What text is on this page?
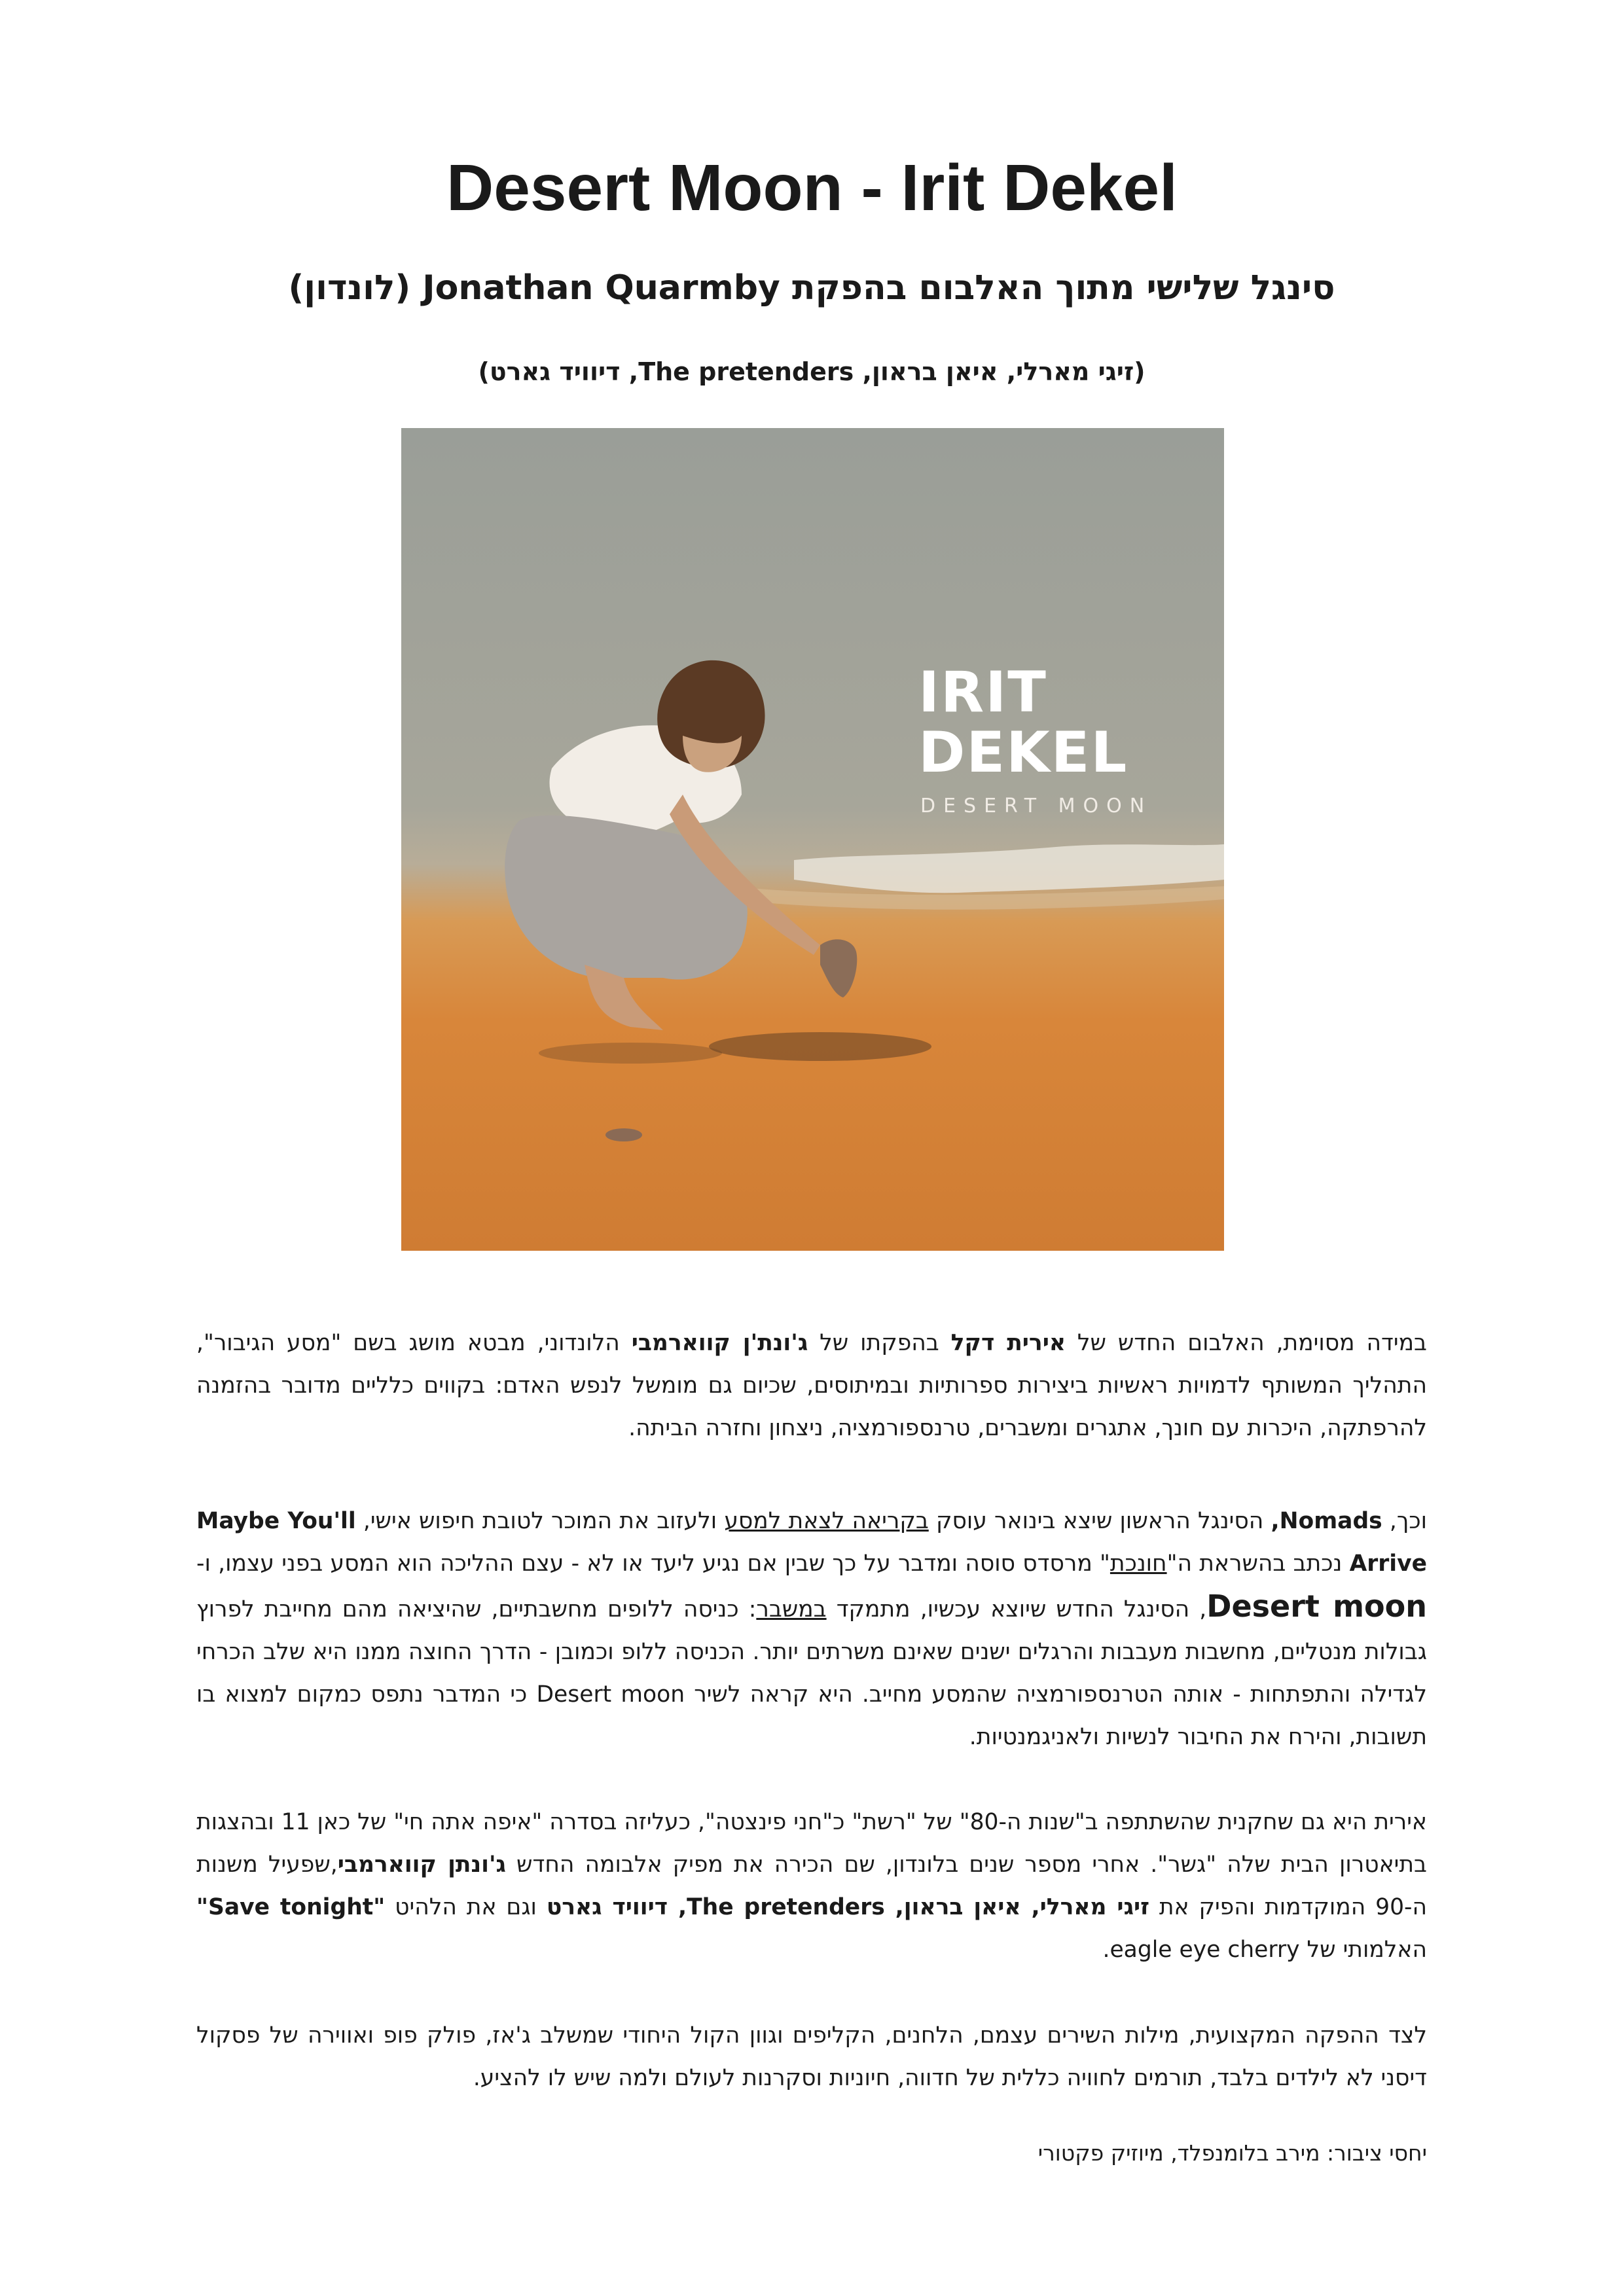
Desert Moon - Irit Dekel
סינגל שלישי מתוך האלבום בהפקת Jonathan Quarmby (לונדון)
(זיגי מארלי, איאן בראון, The pretenders, דיוויד גארט)
IRIT
DEKEL
DESERT MOON
במידה מסוימת, האלבום החדש של אירית דקל בהפקתו של ג'ונת'ן קווארמבי הלונדוני, מבטא מושג בשם "מסע הגיבור", התהליך המשותף לדמויות ראשיות ביצירות ספרותיות ובמיתוסים, שכיום גם מומשל לנפש האדם: בקווים כלליים מדובר בהזמנה להרפתקה, היכרות עם חונך, אתגרים ומשברים, טרנספורמציה, ניצחון וחזרה הביתה.
וכך, Nomads, הסינגל הראשון שיצא בינואר עוסק בקריאה לצאת למסע ולעזוב את המוכר לטובת חיפוש אישי, Maybe You'll Arrive נכתב בהשראת ה"חונכת" מרסדס סוסה ומדבר על כך שבין אם נגיע ליעד או לא - עצם ההליכה הוא המסע בפני עצמו, ו-Desert moon, הסינגל החדש שיוצא עכשיו, מתמקד במשבר: כניסה ללופים מחשבתיים, שהיציאה מהם מחייבת לפרוץ גבולות מנטליים, מחשבות מעבבות והרגלים ישנים שאינם משרתים יותר. הכניסה ללופ וכמובן - הדרך החוצה ממנו היא שלב הכרחי לגדילה והתפתחות - אותה הטרנספורמציה שהמסע מחייב. היא קראה לשיר Desert moon כי המדבר נתפס כמקום למצוא בו תשובות, והירח את החיבור לנשיות ולאניגמנטיות.
אירית היא גם שחקנית שהשתתפה ב"שנות ה-80" של "רשת" כ"חני פינצטה", כעליזה בסדרה "איפה אתה חי" של כאן 11 ובהצגות בתיאטרון הבית שלה "גשר". אחרי מספר שנים בלונדון, שם הכירה את מפיק אלבומה החדש ג'ונתן קווארמבי,שפעיל משנות ה-90 המוקדמות והפיק את זיגי מארלי, איאן בראון, The pretenders, דיוויד גארט וגם את הלהיט "Save tonight" האלמותי של eagle eye cherry.
לצד ההפקה המקצועית, מילות השירים עצמם, הלחנים, הקליפים וגוון הקול היחודי שמשלב ג'אז, פולק פופ ואווירה של פסקול דיסני לא לילדים בלבד, תורמים לחוויה כללית של חדווה, חיוניות וסקרנות לעולם ולמה שיש לו להציע.
יחסי ציבור: מירב בלומנפלד, מיוזיק פקטורי
